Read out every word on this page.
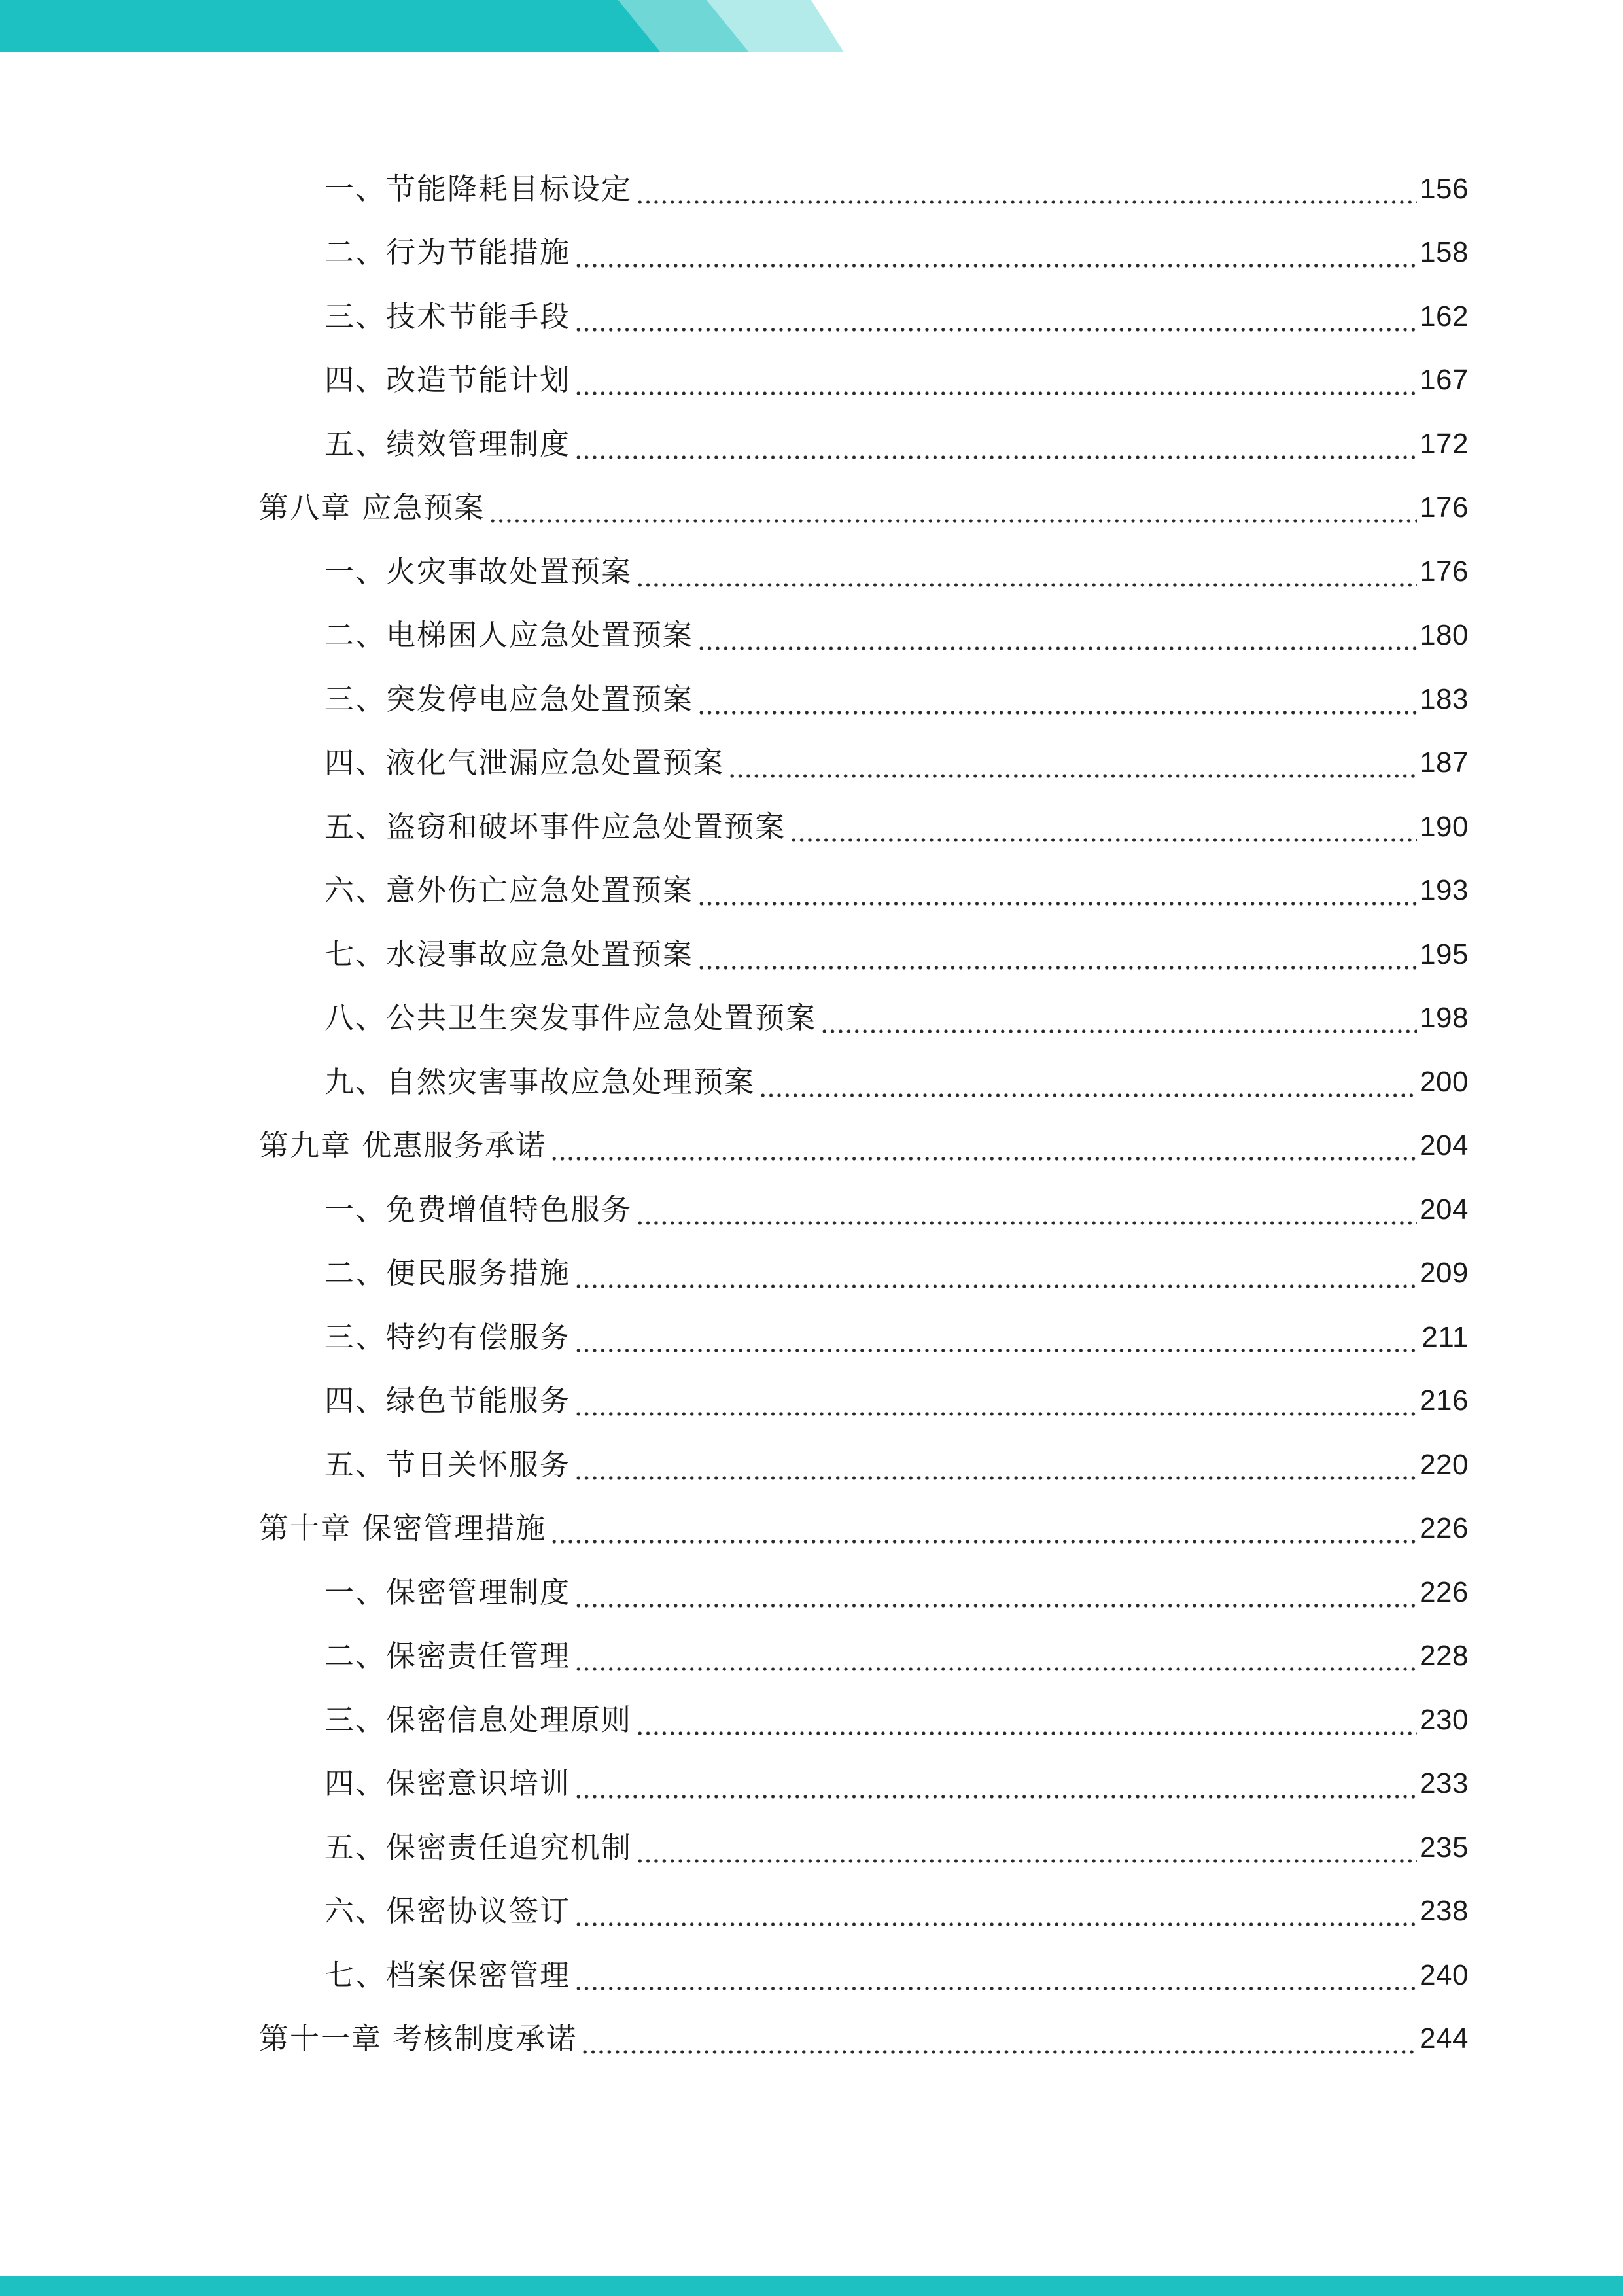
一、节能降耗目标设定	156
二、行为节能措施	158
三、技术节能手段	162
四、改造节能计划	167
五、绩效管理制度	172
第八章 应急预案	176
一、火灾事故处置预案	176
二、电梯困人应急处置预案	180
三、突发停电应急处置预案	183
四、液化气泄漏应急处置预案	187
五、盗窃和破坏事件应急处置预案	190
六、意外伤亡应急处置预案	193
七、水浸事故应急处置预案	195
八、公共卫生突发事件应急处置预案	198
九、自然灾害事故应急处理预案	200
第九章 优惠服务承诺	204
一、免费增值特色服务	204
二、便民服务措施	209
三、特约有偿服务	211
四、绿色节能服务	216
五、节日关怀服务	220
第十章 保密管理措施	226
一、保密管理制度	226
二、保密责任管理	228
三、保密信息处理原则	230
四、保密意识培训	233
五、保密责任追究机制	235
六、保密协议签订	238
七、档案保密管理	240
第十一章 考核制度承诺	244
